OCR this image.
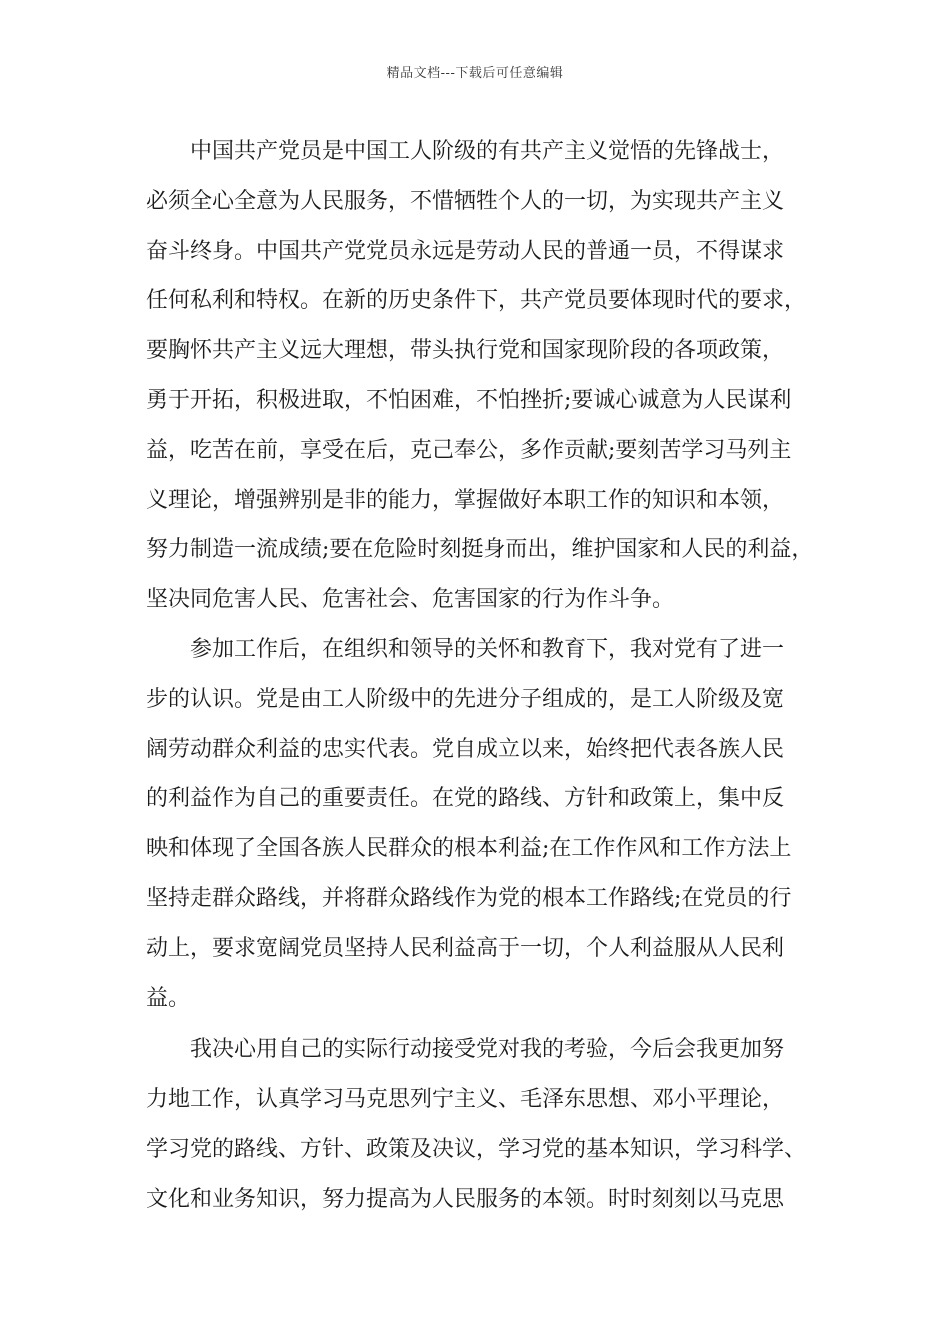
精品文档---下载后可任意编辑
中国共产党员是中国工人阶级的有共产主义觉悟的先锋战士，
必须全心全意为人民服务，不惜牺牲个人的一切，为实现共产主义
奋斗终身。中国共产党党员永远是劳动人民的普通一员，不得谋求
任何私利和特权。在新的历史条件下，共产党员要体现时代的要求，
要胸怀共产主义远大理想，带头执行党和国家现阶段的各项政策，
勇于开拓，积极进取，不怕困难，不怕挫折;要诚心诚意为人民谋利
益，吃苦在前，享受在后，克己奉公，多作贡献;要刻苦学习马列主
义理论，增强辨别是非的能力，掌握做好本职工作的知识和本领，
努力制造一流成绩;要在危险时刻挺身而出，维护国家和人民的利益，
坚决同危害人民、危害社会、危害国家的行为作斗争。
参加工作后，在组织和领导的关怀和教育下，我对党有了进一
步的认识。党是由工人阶级中的先进分子组成的，是工人阶级及宽
阔劳动群众利益的忠实代表。党自成立以来，始终把代表各族人民
的利益作为自己的重要责任。在党的路线、方针和政策上，集中反
映和体现了全国各族人民群众的根本利益;在工作作风和工作方法上
坚持走群众路线，并将群众路线作为党的根本工作路线;在党员的行
动上，要求宽阔党员坚持人民利益高于一切，个人利益服从人民利
益。
我决心用自己的实际行动接受党对我的考验，今后会我更加努
力地工作，认真学习马克思列宁主义、毛泽东思想、邓小平理论，
学习党的路线、方针、政策及决议，学习党的基本知识，学习科学、
文化和业务知识，努力提高为人民服务的本领。时时刻刻以马克思
